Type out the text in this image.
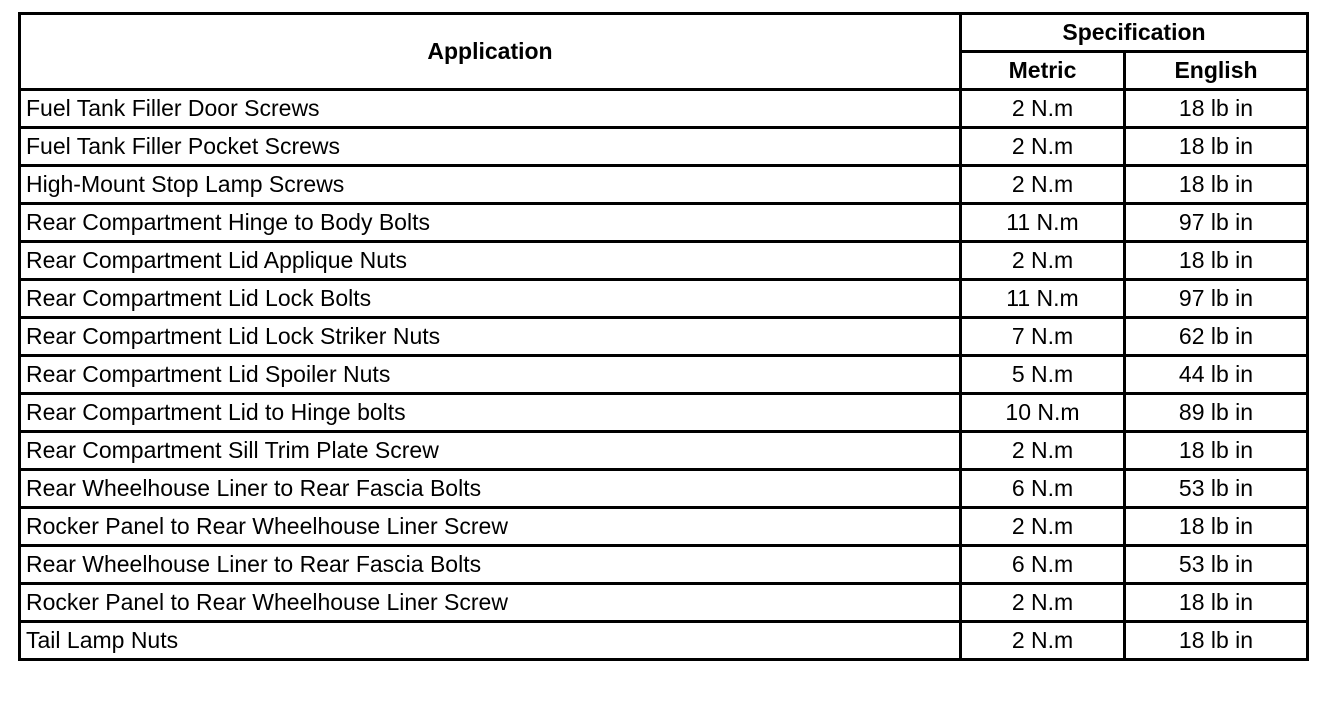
Application	Specification	
	Metric	English
Fuel Tank Filler Door Screws	2 N.m	18 lb in
Fuel Tank Filler Pocket Screws	2 N.m	18 lb in
High-Mount Stop Lamp Screws	2 N.m	18 lb in
Rear Compartment Hinge to Body Bolts	11 N.m	97 lb in
Rear Compartment Lid Applique Nuts	2 N.m	18 lb in
Rear Compartment Lid Lock Bolts	11 N.m	97 lb in
Rear Compartment Lid Lock Striker Nuts	7 N.m	62 lb in
Rear Compartment Lid Spoiler Nuts	5 N.m	44 lb in
Rear Compartment Lid to Hinge bolts	10 N.m	89 lb in
Rear Compartment Sill Trim Plate Screw	2 N.m	18 lb in
Rear Wheelhouse Liner to Rear Fascia Bolts	6 N.m	53 lb in
Rocker Panel to Rear Wheelhouse Liner Screw	2 N.m	18 lb in
Rear Wheelhouse Liner to Rear Fascia Bolts	6 N.m	53 lb in
Rocker Panel to Rear Wheelhouse Liner Screw	2 N.m	18 lb in
Tail Lamp Nuts	2 N.m	18 lb in
